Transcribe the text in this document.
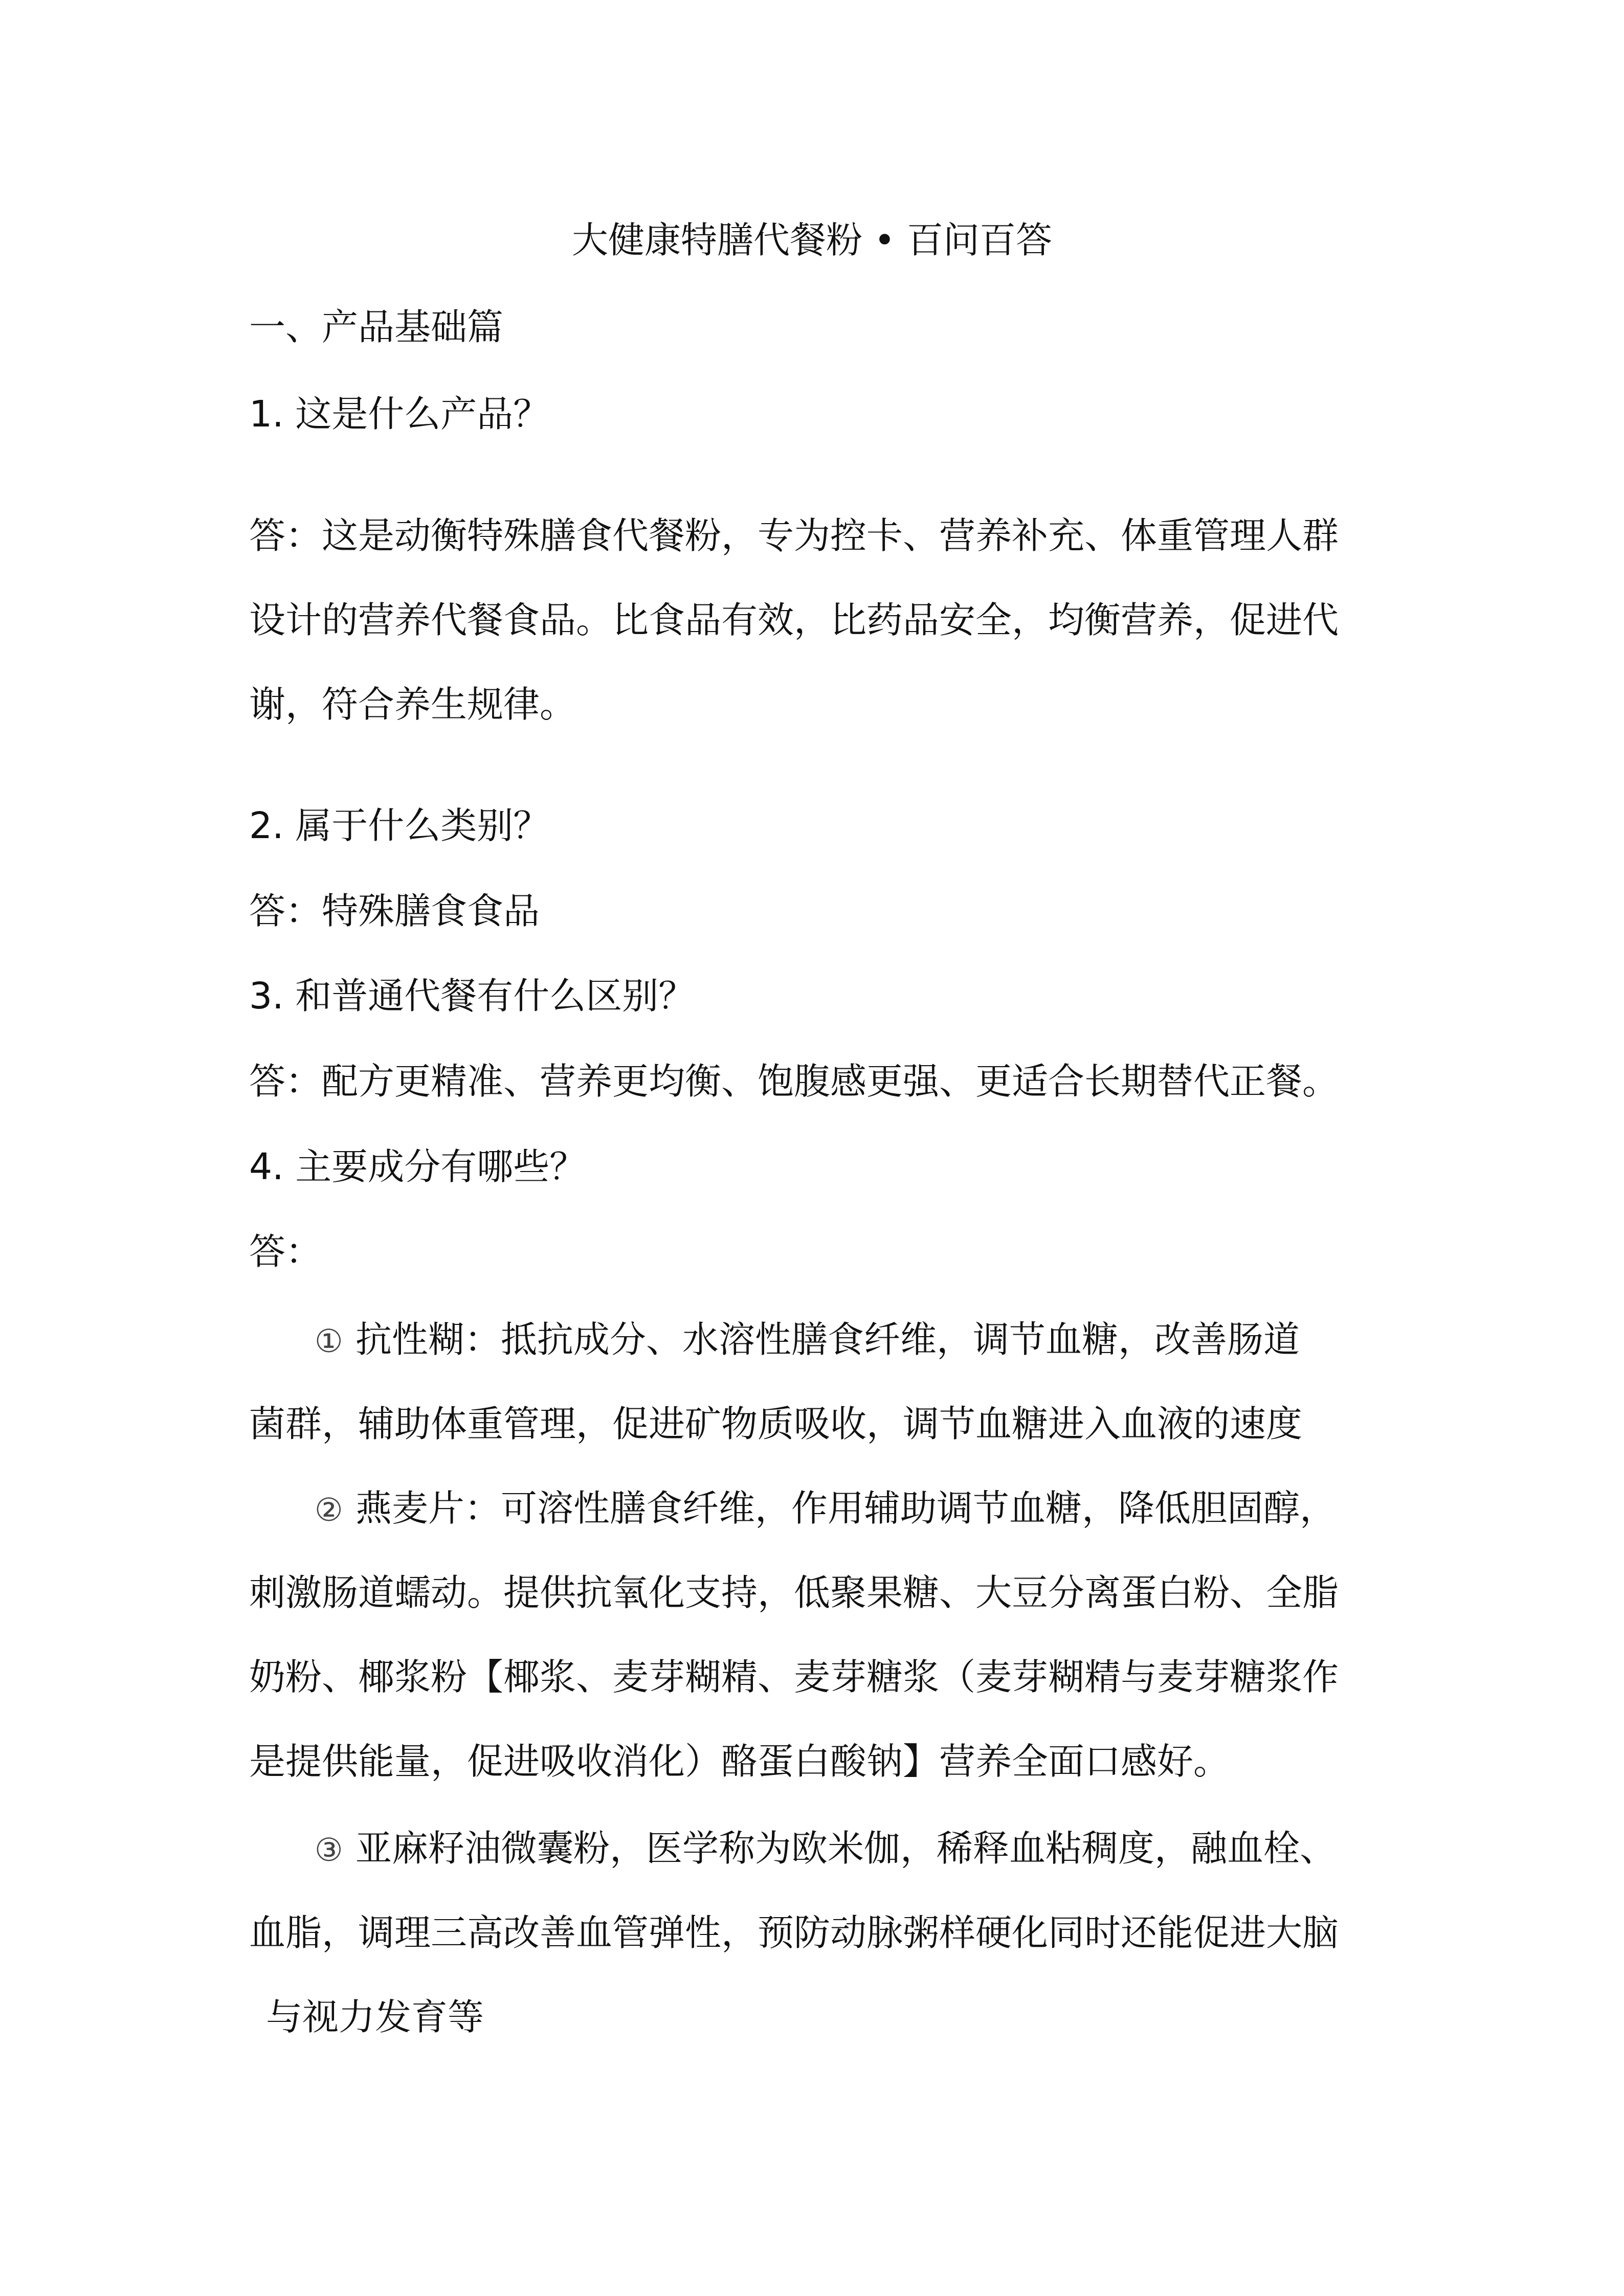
大健康特膳代餐粉 • 百问百答
一、产品基础篇
1. 这是什么产品？
答：这是动衡特殊膳食代餐粉，专为控卡、营养补充、体重管理人群
设计的营养代餐食品。比食品有效，比药品安全，均衡营养，促进代
谢，符合养生规律。
2. 属于什么类别？
答：特殊膳食食品
3. 和普通代餐有什么区别？
答：配方更精准、营养更均衡、饱腹感更强、更适合长期替代正餐。
4. 主要成分有哪些？
答：
① 抗性糊：抵抗成分、水溶性膳食纤维，调节血糖，改善肠道
菌群，辅助体重管理，促进矿物质吸收，调节血糖进入血液的速度
② 燕麦片：可溶性膳食纤维，作用辅助调节血糖，降低胆固醇，
刺激肠道蠕动。提供抗氧化支持，低聚果糖、大豆分离蛋白粉、全脂
奶粉、椰浆粉【椰浆、麦芽糊精、麦芽糖浆（麦芽糊精与麦芽糖浆作
是提供能量，促进吸收消化）酪蛋白酸钠】营养全面口感好。
③ 亚麻籽油微囊粉，医学称为欧米伽，稀释血粘稠度，融血栓、
血脂，调理三高改善血管弹性，预防动脉粥样硬化同时还能促进大脑
与视力发育等
